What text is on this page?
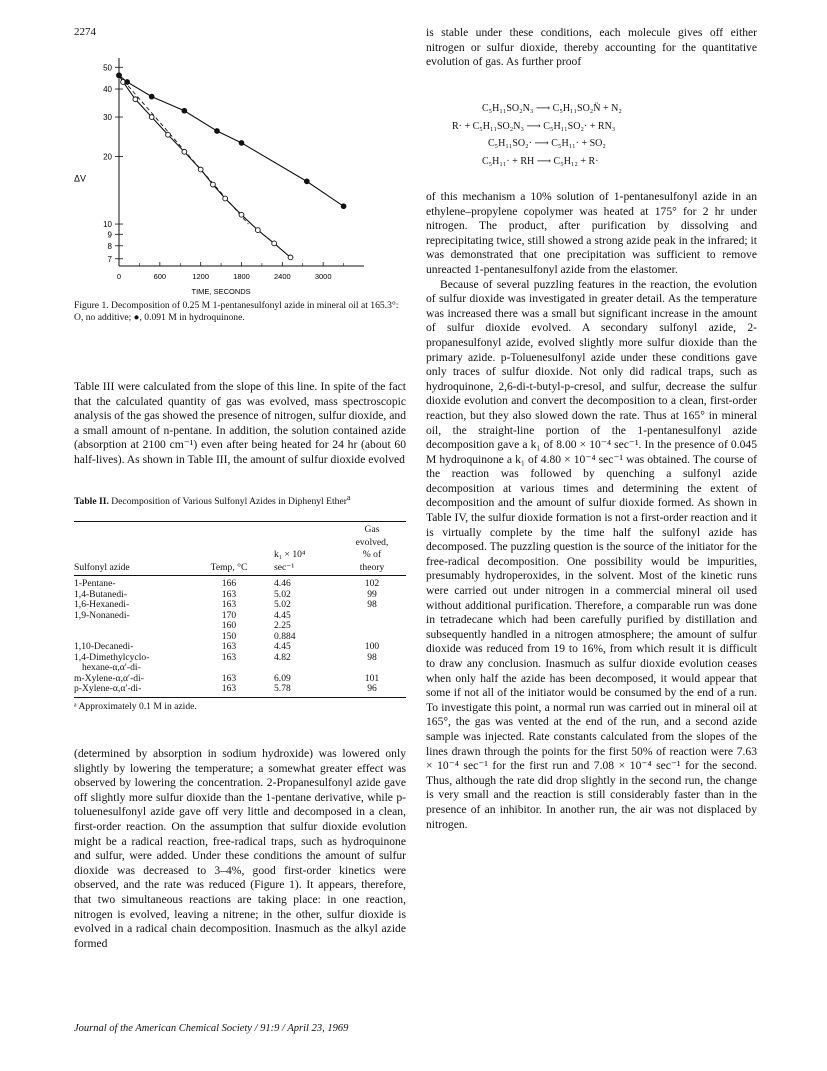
2274
50
40
30
20
10
9
8
7
0	600	1200	1800	2400	3000
ΔV
TIME, SECONDS
Figure 1. Decomposition of 0.25 M 1-pentanesulfonyl azide in mineral oil at 165.3°: O, no additive; ●, 0.091 M in hydroquinone.

Table III were calculated from the slope of this line. In spite of the fact that the calculated quantity of gas was evolved, mass spectroscopic analysis of the gas showed the presence of nitrogen, sulfur dioxide, and a small amount of n-pentane. In addition, the solution contained azide (absorption at 2100 cm⁻¹) even after being heated for 24 hr (about 60 half-lives). As shown in Table III, the amount of sulfur dioxide evolved

Table II. Decomposition of Various Sulfonyl Azides in Diphenyl Ether$^a$
			Gas
			evolved,
		k₁ × 10⁴	% of
Sulfonyl azide	Temp, °C	sec⁻¹	theory
1-Pentane-	166	4.46	102
1,4-Butanedi-	163	5.02	99
1,6-Hexanedi-	163	5.02	98
1,9-Nonanedi-	170	4.45	
	160	2.25	
	150	0.884	
1,10-Decanedi-	163	4.45	100
1,4-Dimethylcyclo-	163	4.82	98
hexane-α,α′-di-			
m-Xylene-α,α′-di-	163	6.09	101
p-Xylene-α,α′-di-	163	5.78	96
ᵃ Approximately 0.1 M in azide.

(determined by absorption in sodium hydroxide) was lowered only slightly by lowering the temperature; a somewhat greater effect was observed by lowering the concentration. 2-Propanesulfonyl azide gave off slightly more sulfur dioxide than the 1-pentane derivative, while p-toluenesulfonyl azide gave off very little and decomposed in a clean, first-order reaction. On the assumption that sulfur dioxide evolution might be a radical reaction, free-radical traps, such as hydroquinone and sulfur, were added. Under these conditions the amount of sulfur dioxide was decreased to 3–4%, good first-order kinetics were observed, and the rate was reduced (Figure 1). It appears, therefore, that two simultaneous reactions are taking place: in one reaction, nitrogen is evolved, leaving a nitrene; in the other, sulfur dioxide is evolved in a radical chain decomposition. Inasmuch as the alkyl azide formed

is stable under these conditions, each molecule gives off either nitrogen or sulfur dioxide, thereby accounting for the quantitative evolution of gas. As further proof

C₅H₁₁SO₂N₃ ⟶ C₅H₁₁SO₂N̈ + N₂
R· + C₅H₁₁SO₂N₃ ⟶ C₅H₁₁SO₂· + RN₃
C₅H₁₁SO₂· ⟶ C₅H₁₁· + SO₂
C₅H₁₁· + RH ⟶ C₅H₁₂ + R·

of this mechanism a 10% solution of 1-pentanesulfonyl azide in an ethylene–propylene copolymer was heated at 175° for 2 hr under nitrogen. The product, after purification by dissolving and reprecipitating twice, still showed a strong azide peak in the infrared; it was demonstrated that one precipitation was sufficient to remove unreacted 1-pentanesulfonyl azide from the elastomer.

Because of several puzzling features in the reaction, the evolution of sulfur dioxide was investigated in greater detail. As the temperature was increased there was a small but significant increase in the amount of sulfur dioxide evolved. A secondary sulfonyl azide, 2-propanesulfonyl azide, evolved slightly more sulfur dioxide than the primary azide. p-Toluenesulfonyl azide under these conditions gave only traces of sulfur dioxide. Not only did radical traps, such as hydroquinone, 2,6-di-t-butyl-p-cresol, and sulfur, decrease the sulfur dioxide evolution and convert the decomposition to a clean, first-order reaction, but they also slowed down the rate. Thus at 165° in mineral oil, the straight-line portion of the 1-pentanesulfonyl azide decomposition gave a k₁ of 8.00 × 10⁻⁴ sec⁻¹. In the presence of 0.045 M hydroquinone a k₁ of 4.80 × 10⁻⁴ sec⁻¹ was obtained. The course of the reaction was followed by quenching a sulfonyl azide decomposition at various times and determining the extent of decomposition and the amount of sulfur dioxide formed. As shown in Table IV, the sulfur dioxide formation is not a first-order reaction and it is virtually complete by the time half the sulfonyl azide has decomposed. The puzzling question is the source of the initiator for the free-radical decomposition. One possibility would be impurities, presumably hydroperoxides, in the solvent. Most of the kinetic runs were carried out under nitrogen in a commercial mineral oil used without additional purification. Therefore, a comparable run was done in tetradecane which had been carefully purified by distillation and subsequently handled in a nitrogen atmosphere; the amount of sulfur dioxide was reduced from 19 to 16%, from which result it is difficult to draw any conclusion. Inasmuch as sulfur dioxide evolution ceases when only half the azide has been decomposed, it would appear that some if not all of the initiator would be consumed by the end of a run. To investigate this point, a normal run was carried out in mineral oil at 165°, the gas was vented at the end of the run, and a second azide sample was injected. Rate constants calculated from the slopes of the lines drawn through the points for the first 50% of reaction were 7.63 × 10⁻⁴ sec⁻¹ for the first run and 7.08 × 10⁻⁴ sec⁻¹ for the second. Thus, although the rate did drop slightly in the second run, the change is very small and the reaction is still considerably faster than in the presence of an inhibitor. In another run, the air was not displaced by nitrogen.

Journal of the American Chemical Society / 91:9 / April 23, 1969
